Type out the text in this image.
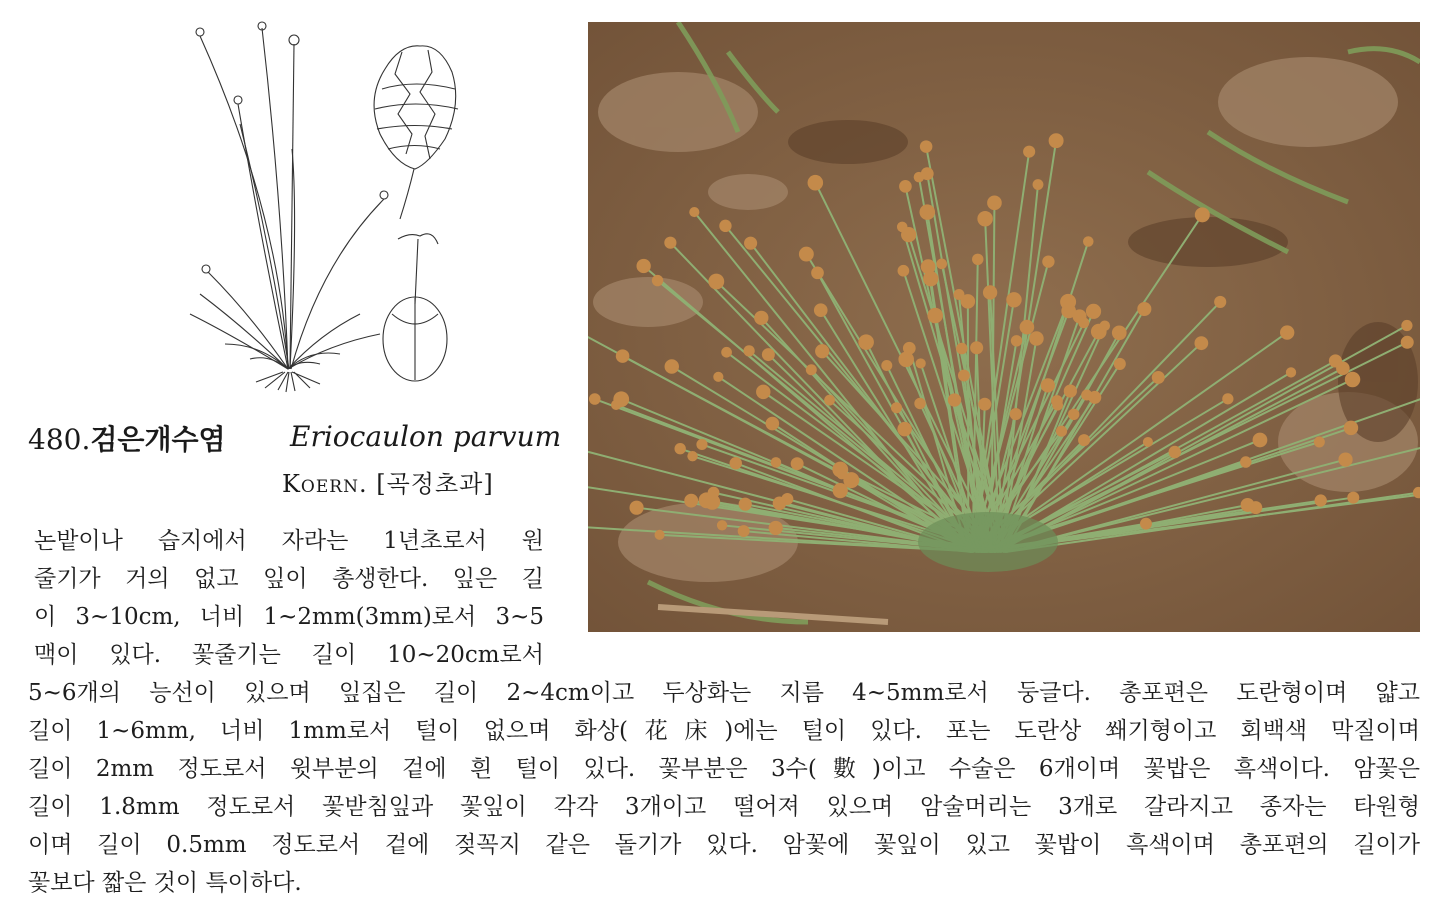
480.검은개수염 Eriocaulon parvum
Koern. [곡정초과]
논밭이나 습지에서 자라는 1년초로서 원
줄기가 거의 없고 잎이 총생한다. 잎은 길
이 3~10cm, 너비 1~2mm(3mm)로서 3~5
맥이 있다. 꽃줄기는 길이 10~20cm로서
5~6개의 능선이 있으며 잎집은 길이 2~4cm이고 두상화는 지름 4~5mm로서 둥글다. 총포편은 도란형이며 얇고
길이 1~6mm, 너비 1mm로서 털이 없으며 화상(花床)에는 털이 있다. 포는 도란상 쐐기형이고 회백색 막질이며
길이 2mm 정도로서 윗부분의 겉에 흰 털이 있다. 꽃부분은 3수(數)이고 수술은 6개이며 꽃밥은 흑색이다. 암꽃은
길이 1.8mm 정도로서 꽃받침잎과 꽃잎이 각각 3개이고 떨어져 있으며 암술머리는 3개로 갈라지고 종자는 타원형
이며 길이 0.5mm 정도로서 겉에 젖꼭지 같은 돌기가 있다. 암꽃에 꽃잎이 있고 꽃밥이 흑색이며 총포편의 길이가
꽃보다 짧은 것이 특이하다.
